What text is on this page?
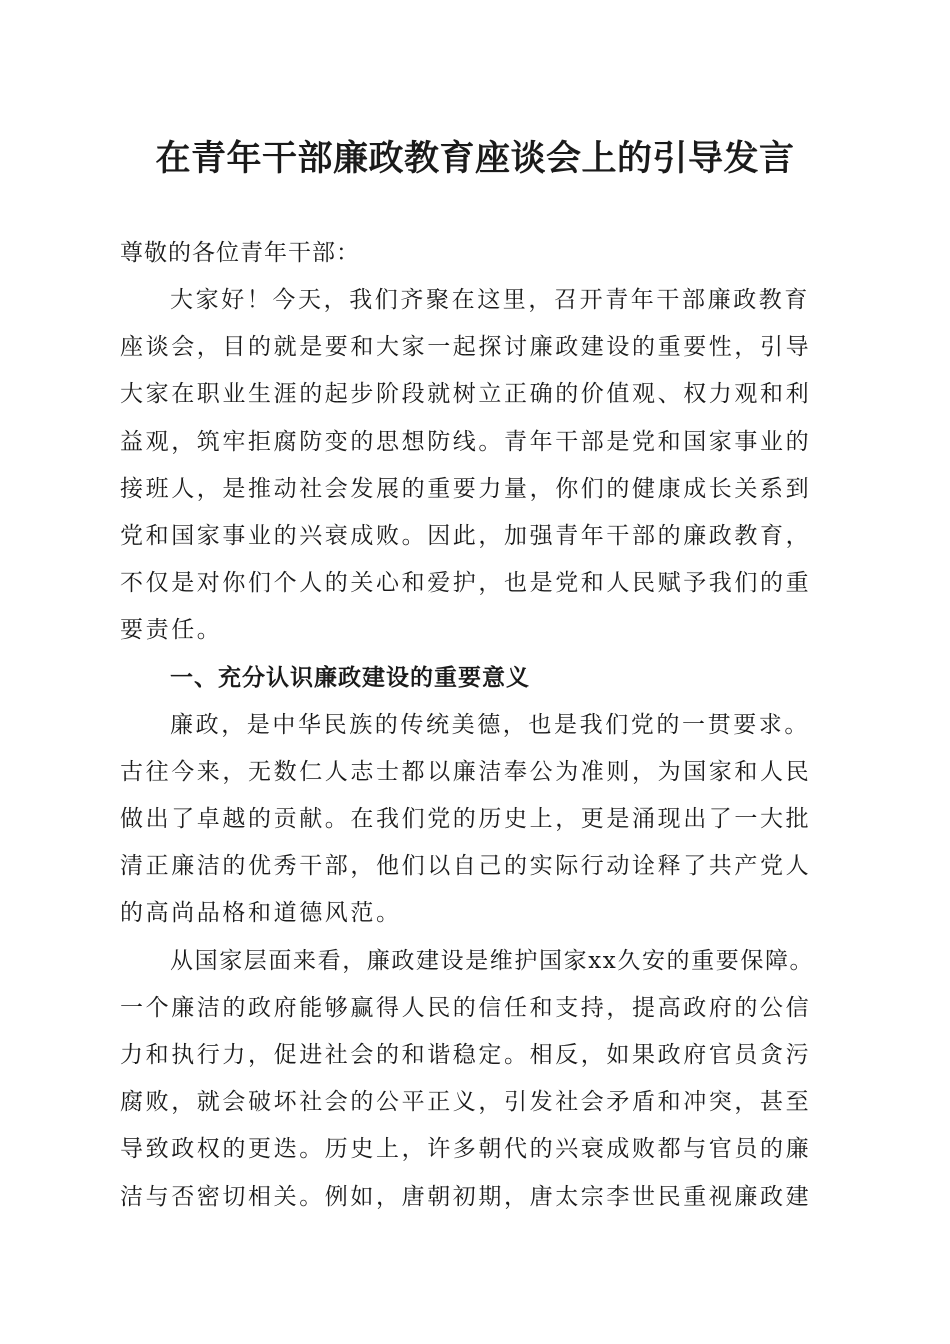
在青年干部廉政教育座谈会上的引导发言
尊敬的各位青年干部：
大家好！今天，我们齐聚在这里，召开青年干部廉政教育
座谈会，目的就是要和大家一起探讨廉政建设的重要性，引导
大家在职业生涯的起步阶段就树立正确的价值观、权力观和利
益观，筑牢拒腐防变的思想防线。青年干部是党和国家事业的
接班人，是推动社会发展的重要力量，你们的健康成长关系到
党和国家事业的兴衰成败。因此，加强青年干部的廉政教育，
不仅是对你们个人的关心和爱护，也是党和人民赋予我们的重
要责任。
一、充分认识廉政建设的重要意义
廉政，是中华民族的传统美德，也是我们党的一贯要求。
古往今来，无数仁人志士都以廉洁奉公为准则，为国家和人民
做出了卓越的贡献。在我们党的历史上，更是涌现出了一大批
清正廉洁的优秀干部，他们以自己的实际行动诠释了共产党人
的高尚品格和道德风范。
从国家层面来看，廉政建设是维护国家xx久安的重要保障。
一个廉洁的政府能够赢得人民的信任和支持，提高政府的公信
力和执行力，促进社会的和谐稳定。相反，如果政府官员贪污
腐败，就会破坏社会的公平正义，引发社会矛盾和冲突，甚至
导致政权的更迭。历史上，许多朝代的兴衰成败都与官员的廉
洁与否密切相关。例如，唐朝初期，唐太宗李世民重视廉政建
